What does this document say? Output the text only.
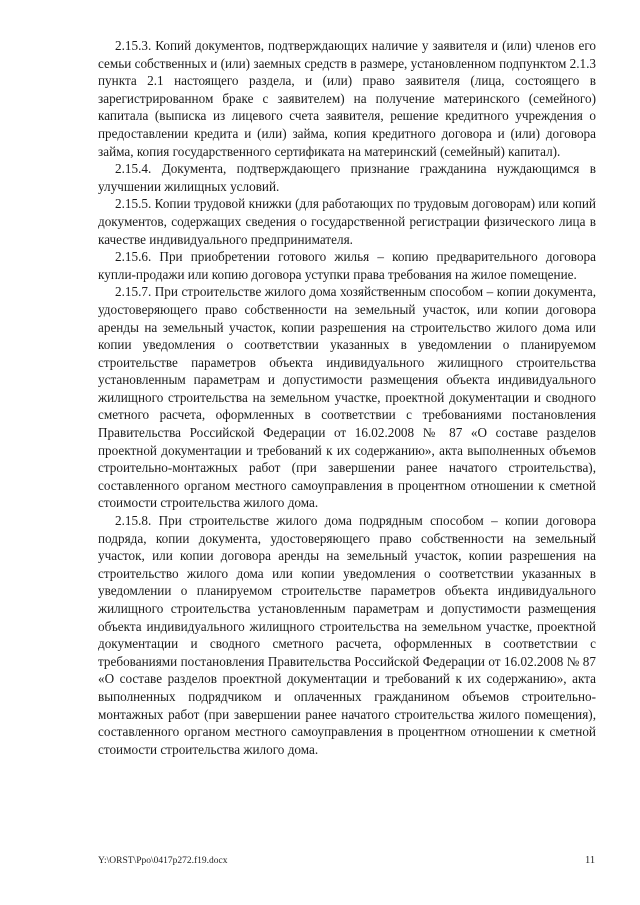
2.15.3. Копий документов, подтверждающих наличие у заявителя и (или) членов его семьи собственных и (или) заемных средств в размере, установленном подпунктом 2.1.3 пункта 2.1 настоящего раздела, и (или) право заявителя (лица, состоящего в зарегистрированном браке с заявителем) на получение материнского (семейного) капитала (выписка из лицевого счета заявителя, решение кредитного учреждения о предоставлении кредита и (или) займа, копия кредитного договора и (или) договора займа, копия государственного сертификата на материнский (семейный) капитал).

2.15.4. Документа, подтверждающего признание гражданина нуждающимся в улучшении жилищных условий.

2.15.5. Копии трудовой книжки (для работающих по трудовым договорам) или копий документов, содержащих сведения о государственной регистрации физического лица в качестве индивидуального предпринимателя.

2.15.6. При приобретении готового жилья – копию предварительного договора купли-продажи или копию договора уступки права требования на жилое помещение.

2.15.7. При строительстве жилого дома хозяйственным способом – копии документа, удостоверяющего право собственности на земельный участок, или копии договора аренды на земельный участок, копии разрешения на строительство жилого дома или копии уведомления о соответствии указанных в уведомлении о планируемом строительстве параметров объекта индивидуального жилищного строительства установленным параметрам и допустимости размещения объекта индивидуального жилищного строительства на земельном участке, проектной документации и сводного сметного расчета, оформленных в соответствии с требованиями постановления Правительства Российской Федерации от 16.02.2008 № 87 «О составе разделов проектной документации и требований к их содержанию», акта выполненных объемов строительно-монтажных работ (при завершении ранее начатого строительства), составленного органом местного самоуправления в процентном отношении к сметной стоимости строительства жилого дома.

2.15.8. При строительстве жилого дома подрядным способом – копии договора подряда, копии документа, удостоверяющего право собственности на земельный участок, или копии договора аренды на земельный участок, копии разрешения на строительство жилого дома или копии уведомления о соответствии указанных в уведомлении о планируемом строительстве параметров объекта индивидуального жилищного строительства установленным параметрам и допустимости размещения объекта индивидуального жилищного строительства на земельном участке, проектной документации и сводного сметного расчета, оформленных в соответствии с требованиями постановления Правительства Российской Федерации от 16.02.2008 № 87 «О составе разделов проектной документации и требований к их содержанию», акта выполненных подрядчиком и оплаченных гражданином объемов строительно-монтажных работ (при завершении ранее начатого строительства жилого помещения), составленного органом местного самоуправления в процентном отношении к сметной стоимости строительства жилого дома.

Y:\ORST\Ppo\0417p272.f19.docx	11
